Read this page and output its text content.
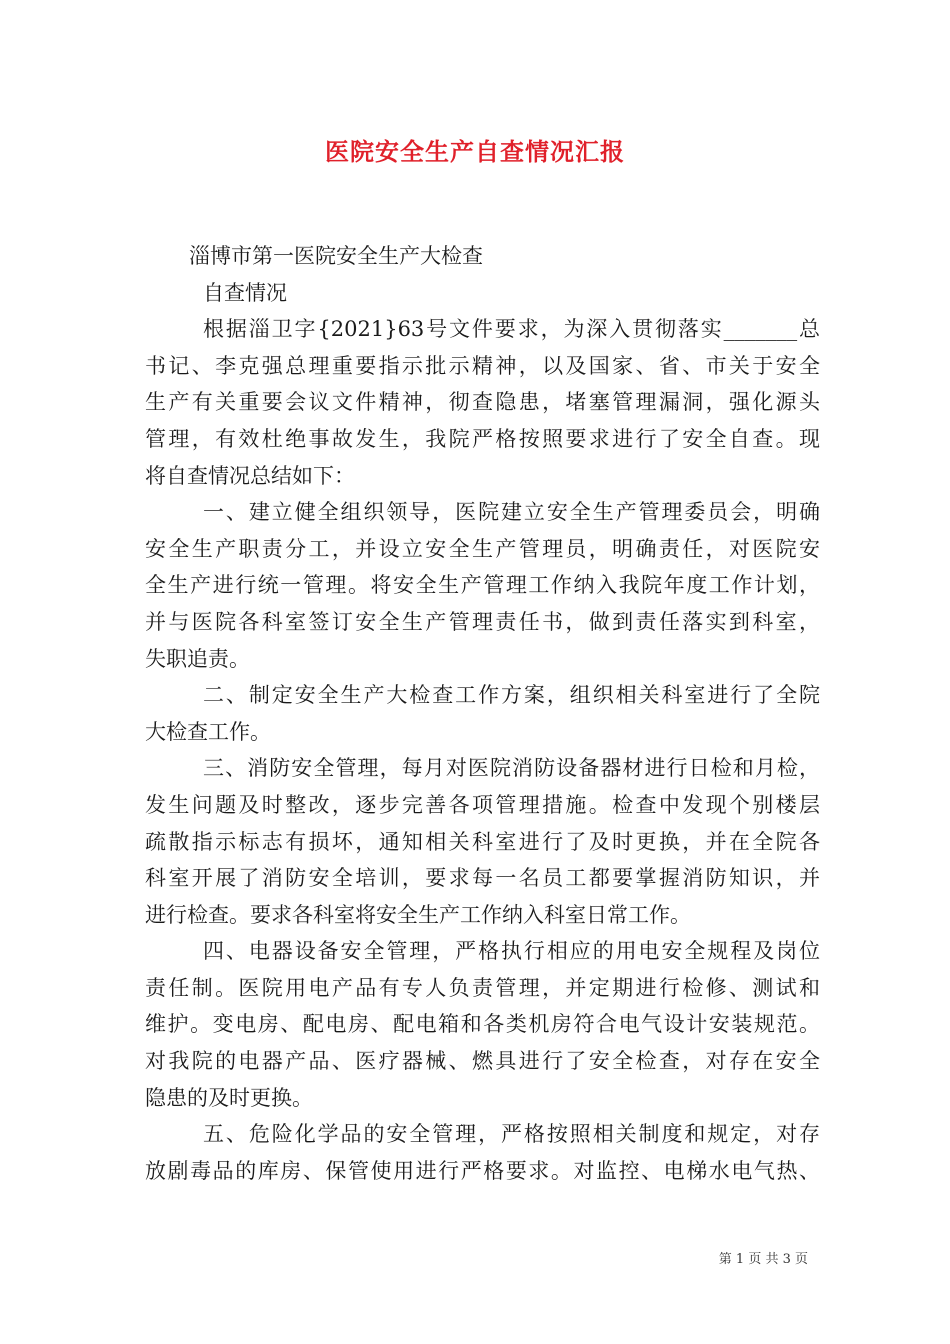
医院安全生产自查情况汇报
淄博市第一医院安全生产大检查
自查情况
根据淄卫字{2021}63号文件要求，为深入贯彻落实_______总
书记、李克强总理重要指示批示精神，以及国家、省、市关于安全
生产有关重要会议文件精神，彻查隐患，堵塞管理漏洞，强化源头
管理，有效杜绝事故发生，我院严格按照要求进行了安全自查。现
将自查情况总结如下：
一、建立健全组织领导，医院建立安全生产管理委员会，明确
安全生产职责分工，并设立安全生产管理员，明确责任，对医院安
全生产进行统一管理。将安全生产管理工作纳入我院年度工作计划，
并与医院各科室签订安全生产管理责任书，做到责任落实到科室，
失职追责。
二、制定安全生产大检查工作方案，组织相关科室进行了全院
大检查工作。
三、消防安全管理，每月对医院消防设备器材进行日检和月检，
发生问题及时整改，逐步完善各项管理措施。检查中发现个别楼层
疏散指示标志有损坏，通知相关科室进行了及时更换，并在全院各
科室开展了消防安全培训，要求每一名员工都要掌握消防知识，并
进行检查。要求各科室将安全生产工作纳入科室日常工作。
四、电器设备安全管理，严格执行相应的用电安全规程及岗位
责任制。医院用电产品有专人负责管理，并定期进行检修、测试和
维护。变电房、配电房、配电箱和各类机房符合电气设计安装规范。
对我院的电器产品、医疗器械、燃具进行了安全检查，对存在安全
隐患的及时更换。
五、危险化学品的安全管理，严格按照相关制度和规定，对存
放剧毒品的库房、保管使用进行严格要求。对监控、电梯水电气热、
第 1 页 共 3 页
